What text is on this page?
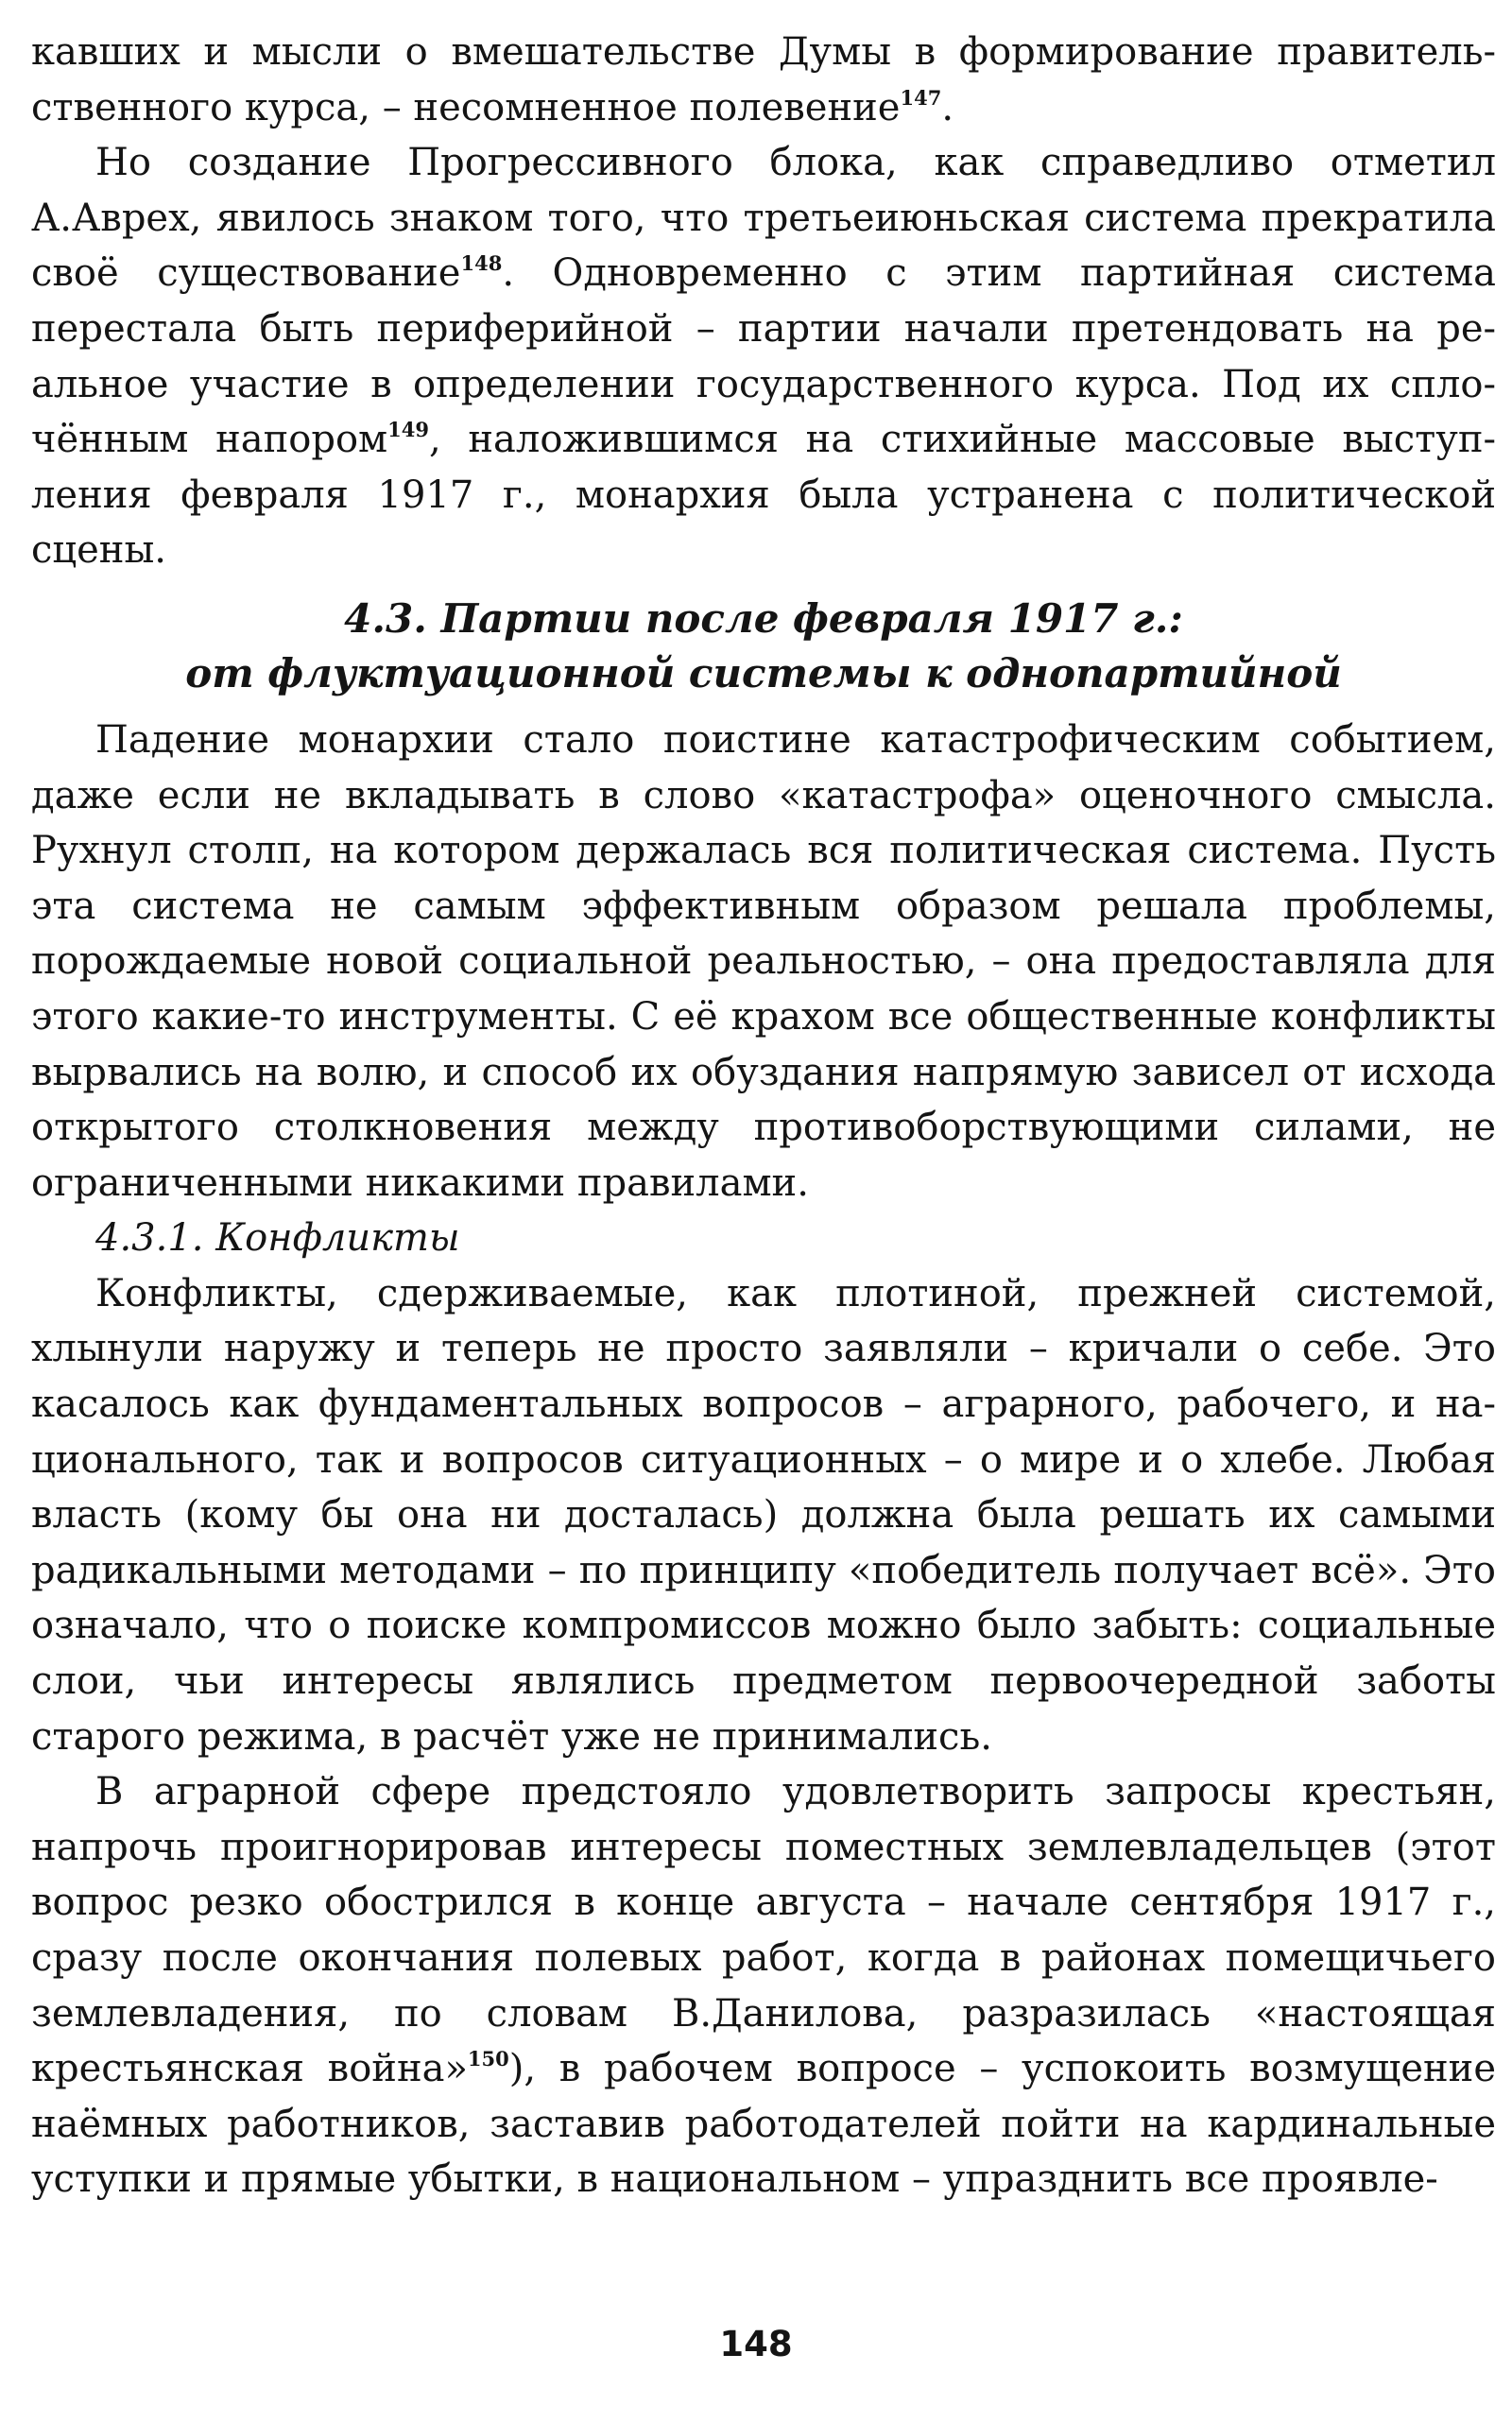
кавших и мысли о вмешательстве Думы в формирование правительственного курса, – несомненное полевение$^{147}$.

Но создание Прогрессивного блока, как справедливо отметил А.Аврех, явилось знаком того, что третьеиюньская система прекратила своё существование$^{148}$. Одновременно с этим партийная система перестала быть периферийной – партии начали претендовать на реальное участие в определении государственного курса. Под их сплочённым напором$^{149}$, наложившимся на стихийные массовые выступления февраля 1917 г., монархия была устранена с политической сцены.

4.3. Партии после февраля 1917 г.:
от флуктуационной системы к однопартийной

Падение монархии стало поистине катастрофическим событием, даже если не вкладывать в слово «катастрофа» оценочного смысла. Рухнул столп, на котором держалась вся политическая система. Пусть эта система не самым эффективным образом решала проблемы, порождаемые новой социальной реальностью, – она предоставляла для этого какие-то инструменты. С её крахом все общественные конфликты вырвались на волю, и способ их обуздания напрямую зависел от исхода открытого столкновения между противоборствующими силами, не ограниченными никакими правилами.

4.3.1. Конфликты

Конфликты, сдерживаемые, как плотиной, прежней системой, хлынули наружу и теперь не просто заявляли – кричали о себе. Это касалось как фундаментальных вопросов – аграрного, рабочего, и национального, так и вопросов ситуационных – о мире и о хлебе. Любая власть (кому бы она ни досталась) должна была решать их самыми радикальными методами – по принципу «победитель получает всё». Это означало, что о поиске компромиссов можно было забыть: социальные слои, чьи интересы являлись предметом первоочередной заботы старого режима, в расчёт уже не принимались.

В аграрной сфере предстояло удовлетворить запросы крестьян, напрочь проигнорировав интересы поместных землевладельцев (этот вопрос резко обострился в конце августа – начале сентября 1917 г., сразу после окончания полевых работ, когда в районах помещичьего землевладения, по словам В.Данилова, разразилась «настоящая крестьянская война»$^{150}$), в рабочем вопросе – успокоить возмущение наёмных работников, заставив работодателей пойти на кардинальные уступки и прямые убытки, в национальном – упразднить все проявле-

148
